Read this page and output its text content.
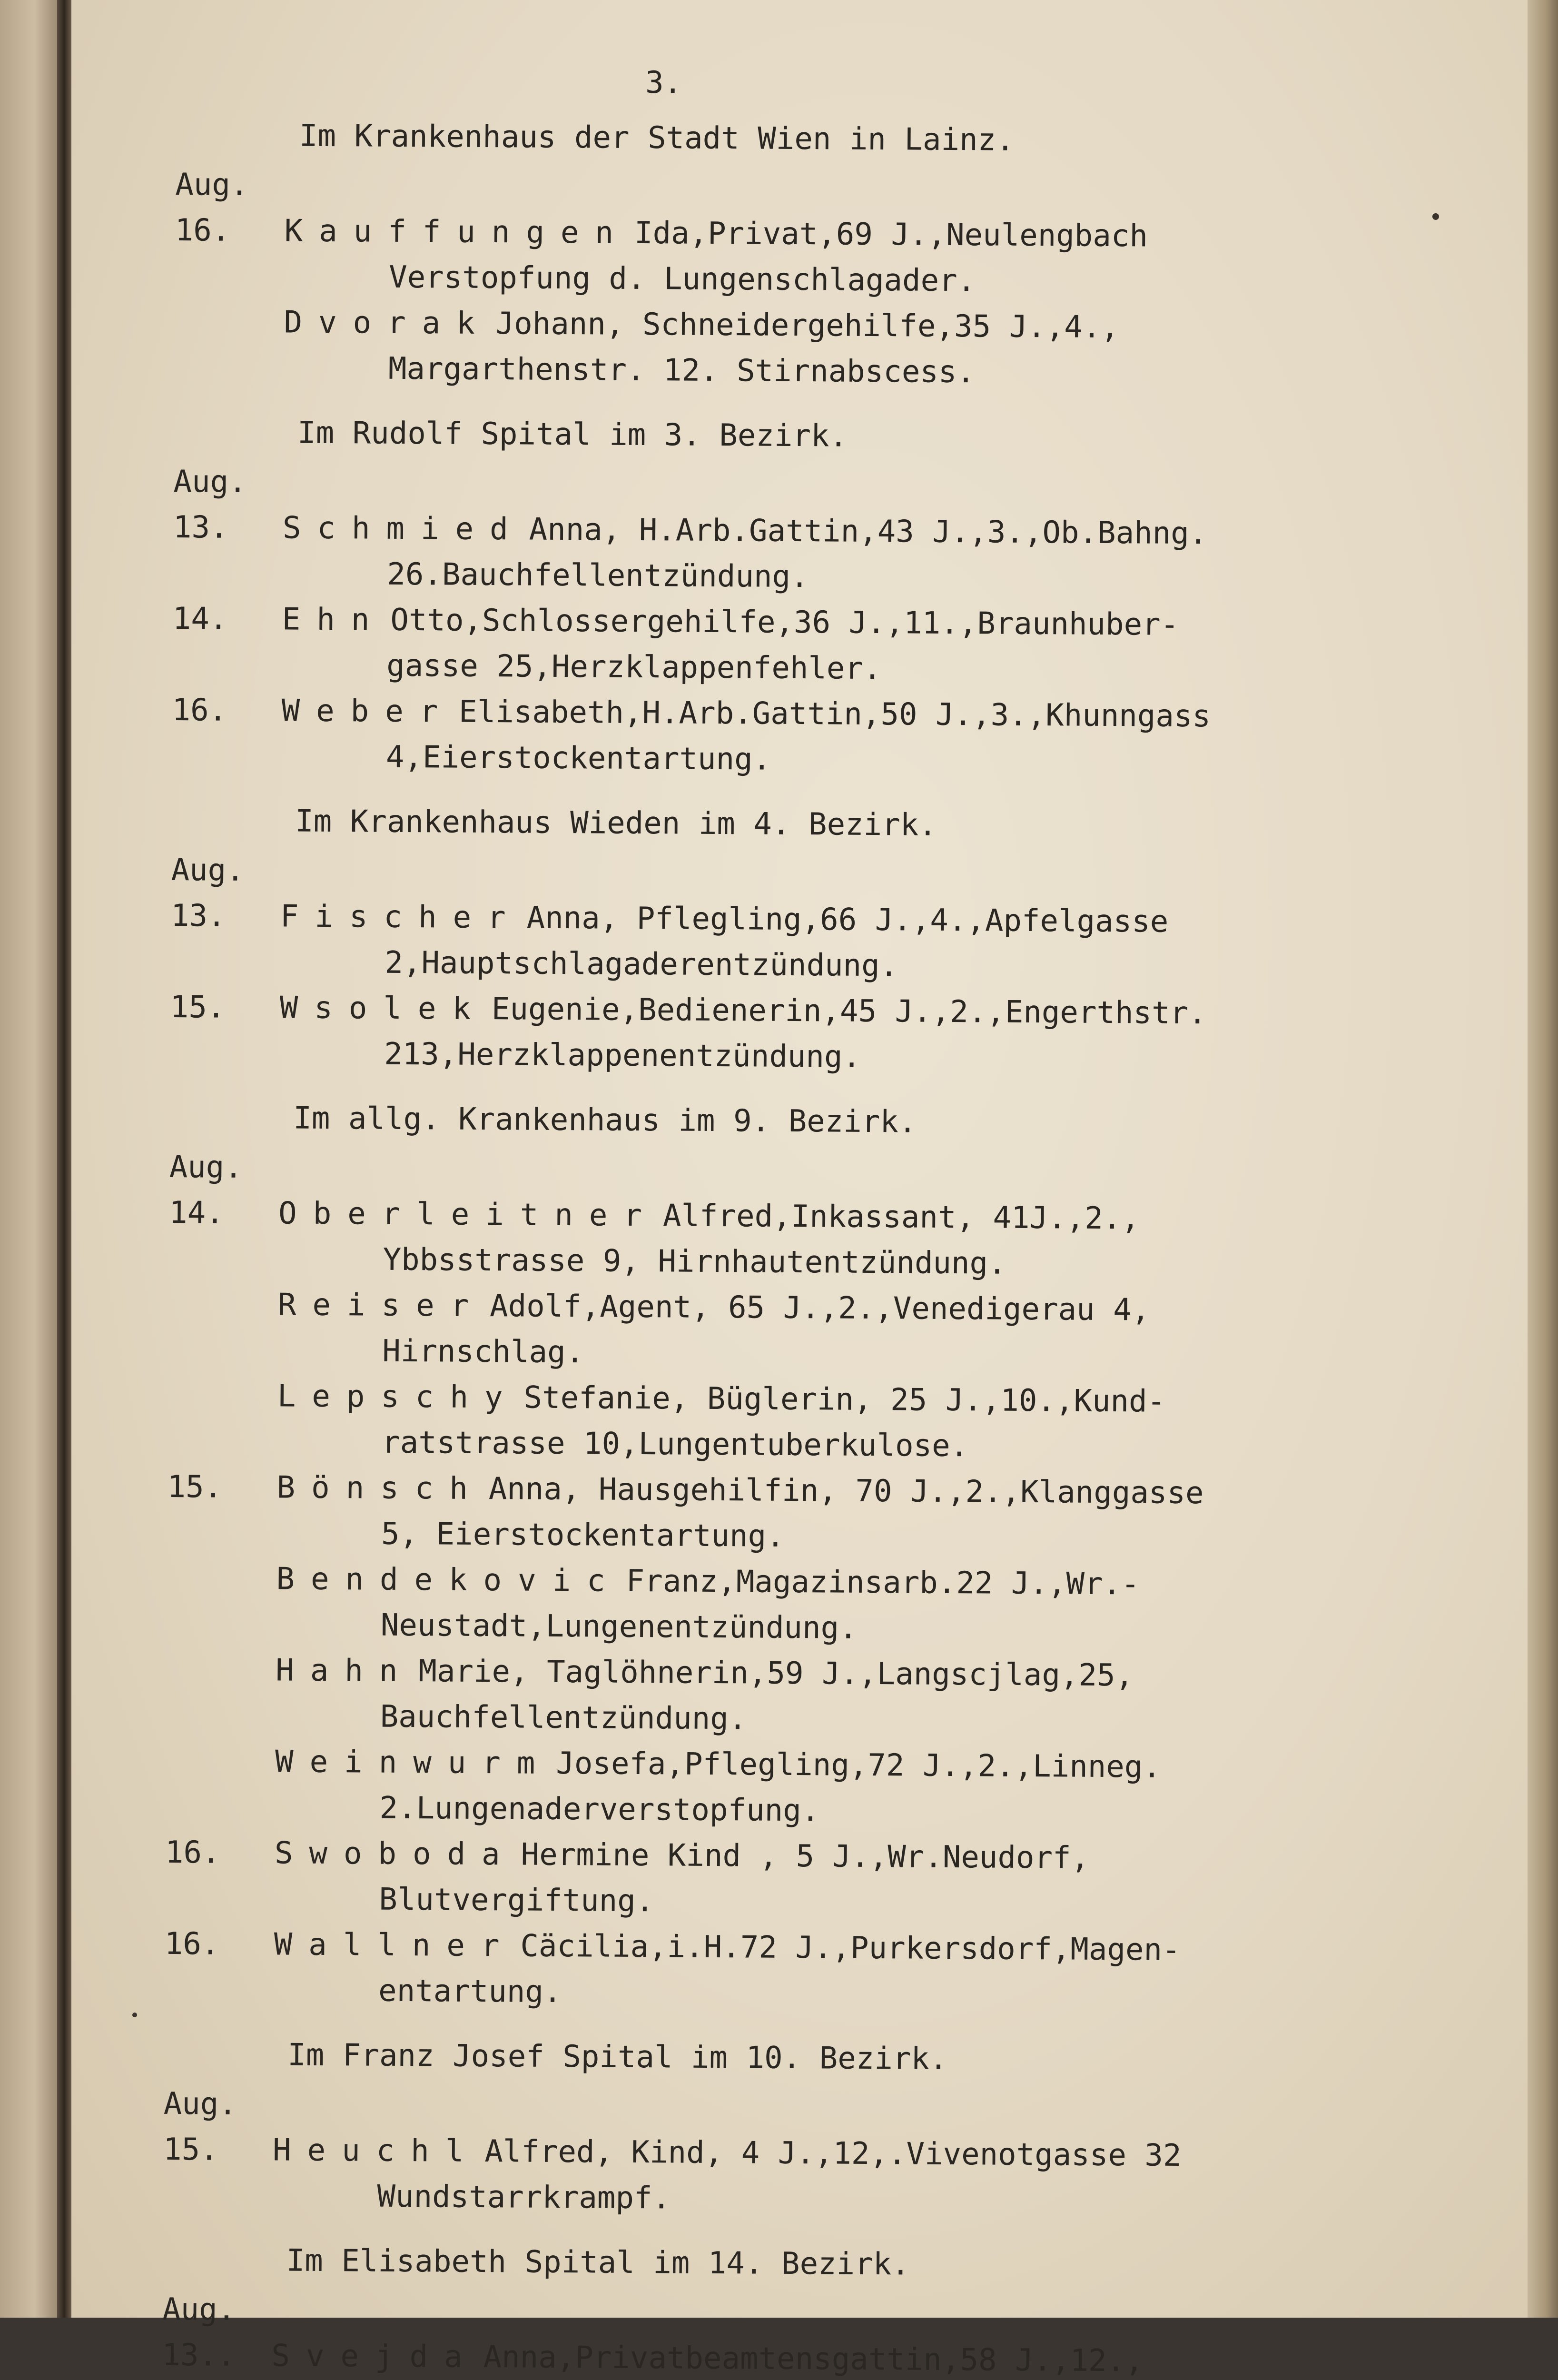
3.
Im Krankenhaus der Stadt Wien in Lainz.
Aug.
16.	Kauffungen Ida,Privat,69 J.,Neulengbach
Verstopfung d. Lungenschlagader.
Dvorak Johann, Schneidergehilfe,35 J.,4.,
Margarthenstr. 12. Stirnabscess.
Im Rudolf Spital im 3. Bezirk.
Aug.
13.	Schmied Anna, H.Arb.Gattin,43 J.,3.,Ob.Bahng.
26.Bauchfellentzündung.
14.	Ehn Otto,Schlossergehilfe,36 J.,11.,Braunhuber-
gasse 25,Herzklappenfehler.
16.	Weber Elisabeth,H.Arb.Gattin,50 J.,3.,Khunngass
4,Eierstockentartung.
Im Krankenhaus Wieden im 4. Bezirk.
Aug.
13.	Fischer Anna, Pflegling,66 J.,4.,Apfelgasse
2,Hauptschlagaderentzündung.
15.	Wsolek Eugenie,Bedienerin,45 J.,2.,Engerthstr.
213,Herzklappenentzündung.
Im allg. Krankenhaus im 9. Bezirk.
Aug.
14.	Oberleitner Alfred,Inkassant, 41J.,2.,
Ybbsstrasse 9, Hirnhautentzündung.
Reiser Adolf,Agent, 65 J.,2.,Venedigerau 4,
Hirnschlag.
Lepschy Stefanie, Büglerin, 25 J.,10.,Kund-
ratstrasse 10,Lungentuberkulose.
15.	Bönsch Anna, Hausgehilfin, 70 J.,2.,Klanggasse
5, Eierstockentartung.
Bendekovic Franz,Magazinsarb.22 J.,Wr.-
Neustadt,Lungenentzündung.
Hahn Marie, Taglöhnerin,59 J.,Langscjlag,25,
Bauchfellentzündung.
Weinwurm Josefa,Pflegling,72 J.,2.,Linneg.
2.Lungenaderverstopfung.
16.	Swoboda Hermine Kind , 5 J.,Wr.Neudorf,
Blutvergiftung.
16.	Wallner Cäcilia,i.H.72 J.,Purkersdorf,Magen-
entartung.
Im Franz Josef Spital im 10. Bezirk.
Aug.
15.	Heuchl Alfred, Kind, 4 J.,12,.Vivenotgasse 32
Wundstarrkrampf.
Im Elisabeth Spital im 14. Bezirk.
Aug.
13..	Svejda Anna,Privatbeamtensgattin,58 J.,12.,
